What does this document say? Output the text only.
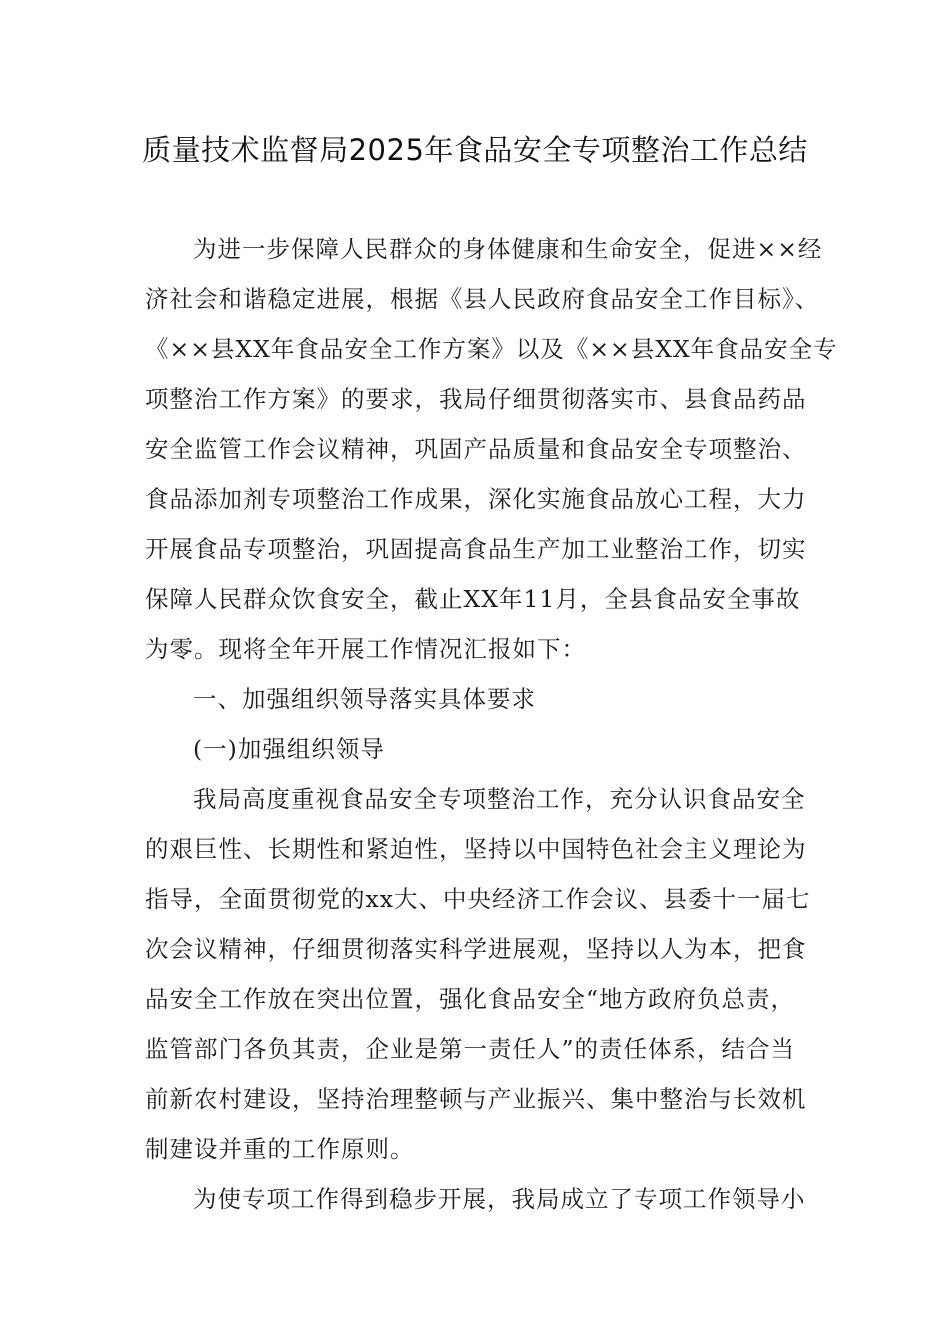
质量技术监督局2025年食品安全专项整治工作总结
为进一步保障人民群众的身体健康和生命安全，促进××经
济社会和谐稳定进展，根据《县人民政府食品安全工作目标》、
《××县XX年食品安全工作方案》以及《××县XX年食品安全专
项整治工作方案》的要求，我局仔细贯彻落实市、县食品药品
安全监管工作会议精神，巩固产品质量和食品安全专项整治、
食品添加剂专项整治工作成果，深化实施食品放心工程，大力
开展食品专项整治，巩固提高食品生产加工业整治工作，切实
保障人民群众饮食安全，截止XX年11月，全县食品安全事故
为零。现将全年开展工作情况汇报如下：
一、加强组织领导落实具体要求
(一)加强组织领导
我局高度重视食品安全专项整治工作，充分认识食品安全
的艰巨性、长期性和紧迫性，坚持以中国特色社会主义理论为
指导，全面贯彻党的xx大、中央经济工作会议、县委十一届七
次会议精神，仔细贯彻落实科学进展观，坚持以人为本，把食
品安全工作放在突出位置，强化食品安全“地方政府负总责，
监管部门各负其责，企业是第一责任人”的责任体系，结合当
前新农村建设，坚持治理整顿与产业振兴、集中整治与长效机
制建设并重的工作原则。
为使专项工作得到稳步开展，我局成立了专项工作领导小
